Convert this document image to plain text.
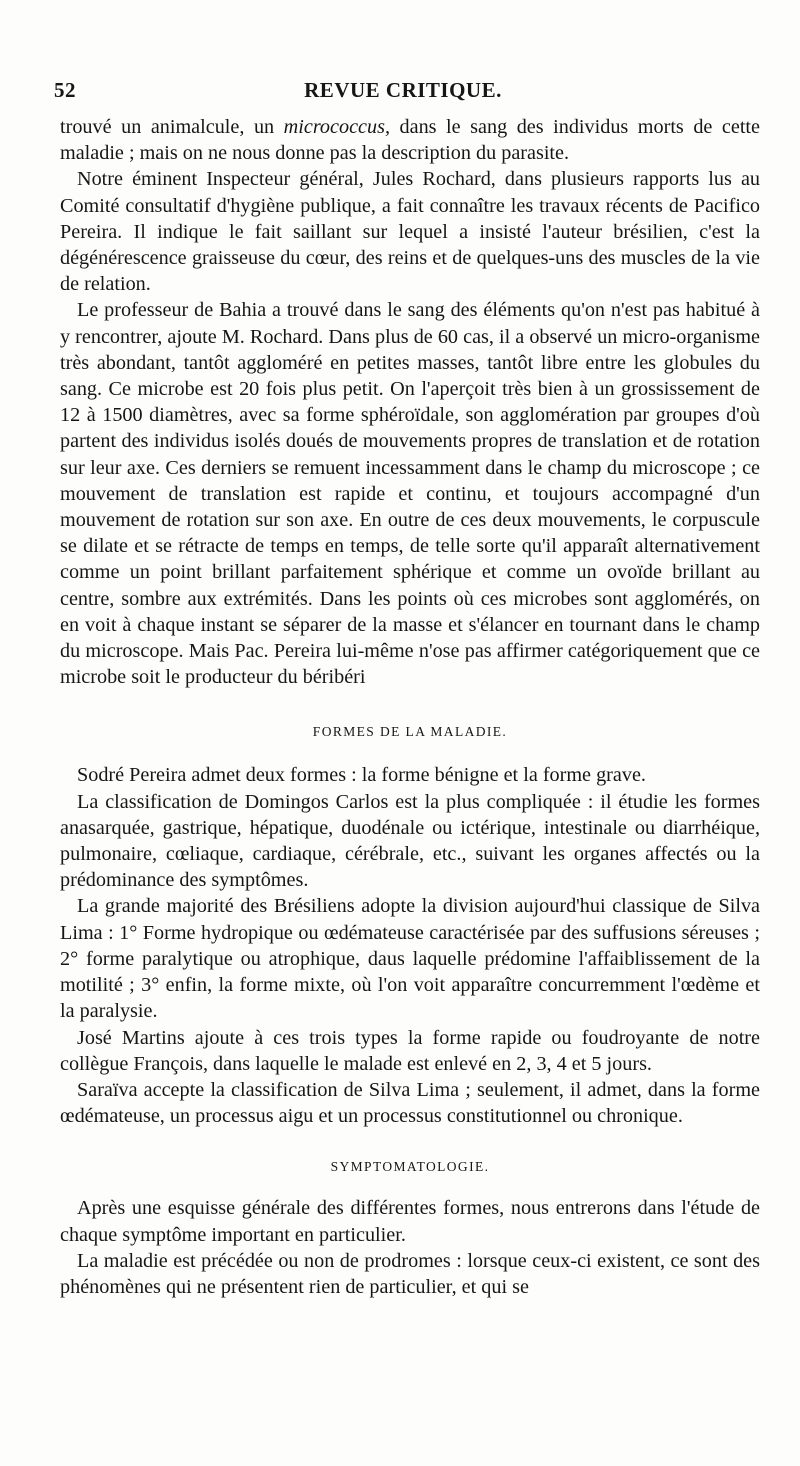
52	REVUE CRITIQUE.

trouvé un animalcule, un micrococcus, dans le sang des individus morts de cette maladie ; mais on ne nous donne pas la description du parasite.

Notre éminent Inspecteur général, Jules Rochard, dans plusieurs rapports lus au Comité consultatif d'hygiène publique, a fait connaître les travaux récents de Pacifico Pereira. Il indique le fait saillant sur lequel a insisté l'auteur brésilien, c'est la dégénérescence graisseuse du cœur, des reins et de quelques-uns des muscles de la vie de relation.

Le professeur de Bahia a trouvé dans le sang des éléments qu'on n'est pas habitué à y rencontrer, ajoute M. Rochard. Dans plus de 60 cas, il a observé un micro-organisme très abondant, tantôt aggloméré en petites masses, tantôt libre entre les globules du sang. Ce microbe est 20 fois plus petit. On l'aperçoit très bien à un grossissement de 12 à 1500 diamètres, avec sa forme sphéroïdale, son agglomération par groupes d'où partent des individus isolés doués de mouvements propres de translation et de rotation sur leur axe. Ces derniers se remuent incessamment dans le champ du microscope ; ce mouvement de translation est rapide et continu, et toujours accompagné d'un mouvement de rotation sur son axe. En outre de ces deux mouvements, le corpuscule se dilate et se rétracte de temps en temps, de telle sorte qu'il apparaît alternativement comme un point brillant parfaitement sphérique et comme un ovoïde brillant au centre, sombre aux extrémités. Dans les points où ces microbes sont agglomérés, on en voit à chaque instant se séparer de la masse et s'élancer en tournant dans le champ du microscope. Mais Pac. Pereira lui-même n'ose pas affirmer catégoriquement que ce microbe soit le producteur du béribéri

FORMES DE LA MALADIE.

Sodré Pereira admet deux formes : la forme bénigne et la forme grave.

La classification de Domingos Carlos est la plus compliquée : il étudie les formes anasarquée, gastrique, hépatique, duodénale ou ictérique, intestinale ou diarrhéique, pulmonaire, cœliaque, cardiaque, cérébrale, etc., suivant les organes affectés ou la prédominance des symptômes.

La grande majorité des Brésiliens adopte la division aujourd'hui classique de Silva Lima : 1° Forme hydropique ou œdémateuse caractérisée par des suffusions séreuses ; 2° forme paralytique ou atrophique, daus laquelle prédomine l'affaiblissement de la motilité ; 3° enfin, la forme mixte, où l'on voit apparaître concurremment l'œdème et la paralysie.

José Martins ajoute à ces trois types la forme rapide ou foudroyante de notre collègue François, dans laquelle le malade est enlevé en 2, 3, 4 et 5 jours.

Saraïva accepte la classification de Silva Lima ; seulement, il admet, dans la forme œdémateuse, un processus aigu et un processus constitutionnel ou chronique.

SYMPTOMATOLOGIE.

Après une esquisse générale des différentes formes, nous entrerons dans l'étude de chaque symptôme important en particulier.

La maladie est précédée ou non de prodromes : lorsque ceux-ci existent, ce sont des phénomènes qui ne présentent rien de particulier, et qui se
